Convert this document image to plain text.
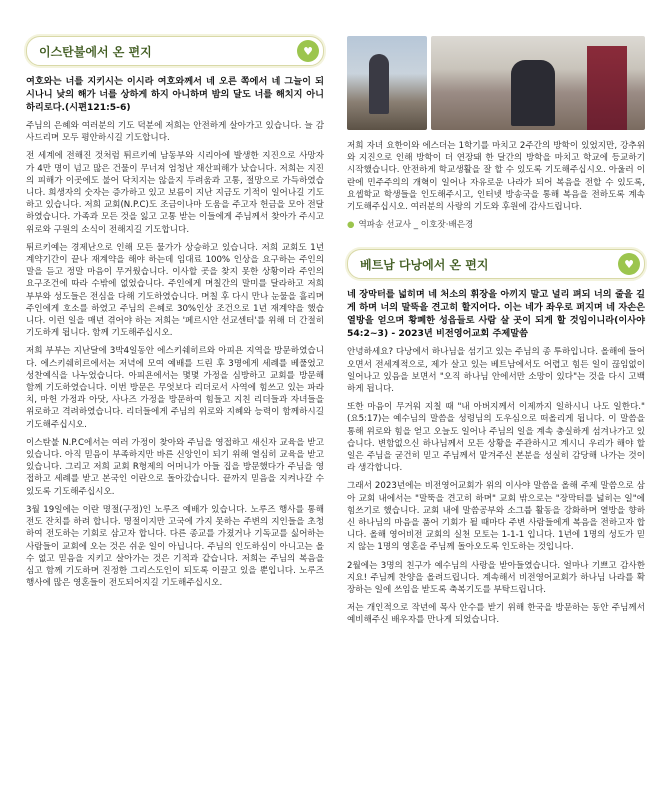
이스탄불에서 온 편지	♥

여호와는 너를 지키시는 이시라 여호와께서 네 오른 쪽에서 네 그늘이 되시나니 낮의 해가 너를 상하게 하지 아니하며 밤의 달도 너를 해치지 아니하리로다.(시편121:5-6)

주님의 은혜와 여러분의 기도 덕분에 저희는 안전하게 살아가고 있습니다. 늘 감사드리며 모두 평안하시길 기도합니다.

전 세계에 전해진 것처럼 튀르키예 남동부와 시리아에 발생한 지진으로 사망자가 4만 명이 넘고 많은 건물이 무너져 엄청난 재산피해가 났습니다. 저희는 지진의 피해가 이곳에도 불어 닥치지는 않을지 두려움과 고통, 절망으로 가득하였습니다. 희생자의 숫자는 증가하고 있고 보름이 지난 지금도 기적이 일어나길 기도하고 있습니다. 저희 교회(N.P.C)도 조금이나마 도움을 주고자 헌금을 모아 전달하였습니다. 가족과 모든 것을 잃고 고통 받는 이들에게 주님께서 찾아가 주시고 위로와 구원의 소식이 전해지길 기도합니다.

튀르키예는 경제난으로 인해 모든 물가가 상승하고 있습니다. 저희 교회도 1년 계약기간이 끝나 재계약을 해야 하는데 임대료 100% 인상을 요구하는 주인의 말을 듣고 정말 마음이 무거웠습니다. 이사할 곳을 찾지 못한 상황이라 주인의 요구조건에 따라 수밖에 없었습니다. 주인에게 며칠간의 말미를 달라하고 저희 부부와 성도들은 전심을 다해 기도하였습니다. 며칠 후 다시 만나 눈물을 흘리며 주인에게 호소를 하였고 주님의 은혜로 30%인상 조건으로 1년 재계약을 했습니다. 이런 일을 매년 겪어야 하는 저희는 '페르시안 선교센터'를 위해 더 간절히 기도하게 됩니다. 함께 기도해주십시오.

저희 부부는 지난달에 3박4일동안 에스키쉐히르와 아피욘 지역을 방문하였습니다. 에스키쉐히르에서는 저녁에 모여 예배를 드린 후 3명에게 세례를 베풀었고 성찬예식을 나누었습니다. 아피욘에서는 몇몇 가정을 심방하고 교회를 방문해 함께 기도하였습니다. 이번 방문은 무엇보다 리더로서 사역에 힘쓰고 있는 파라치, 마헌 가정과 아닷, 사나즈 가정을 방문하여 힘들고 지친 리더들과 자녀들을 위로하고 격려하였습니다. 리더들에게 주님의 위로와 지혜와 능력이 함께하시길 기도해주십시오.

이스탄불 N.P.C에서는 여러 가정이 찾아와 주님을 영접하고 새신자 교육을 받고 있습니다. 아직 믿음이 부족하지만 바른 신앙인이 되기 위해 열심히 교육을 받고 있습니다. 그리고 저희 교회 R형제의 어머니가 아들 집을 방문했다가 주님을 영접하고 세례를 받고 본국인 이란으로 돌아갔습니다. 끝까지 믿음을 지켜나갈 수 있도록 기도해주십시오.

3월 19일에는 이란 명절(구정)인 노루즈 예배가 있습니다. 노루즈 행사를 통해 전도 잔치를 하려 합니다. 명절이지만 고국에 가지 못하는 주변의 지인들을 초청하여 전도하는 기회로 삼고자 합니다. 다른 종교를 가졌거나 기독교를 싫어하는 사람들이 교회에 오는 것은 쉬운 일이 아닙니다. 주님의 인도하심이 아니고는 올 수 없고 믿음을 지키고 살아가는 것은 기적과 같습니다. 저희는 주님의 복음을 심고 함께 기도하며 진정한 그리스도인이 되도록 이끌고 있을 뿐입니다. 노루즈 행사에 많은 영혼들이 전도되어지길 기도해주십시오.

저희 자녀 요한이와 에스더는 1학기를 마치고 2주간의 방학이 있었지만, 강추위와 지진으로 인해 방학이 더 연장돼 한 달간의 방학을 마치고 학교에 등교하기 시작했습니다. 안전하게 학교생활을 잘 할 수 있도록 기도해주십시오. 아울러 이란에 민주주의의 개혁이 일어나 자유로운 나라가 되어 복음을 전할 수 있도록, 요셉학교 학생들을 인도해주시고, 인터넷 방송국을 통해 복음을 전하도록 계속 기도해주십시오. 여러분의 사랑의 기도와 후원에 감사드립니다.

● 역파송 선교사 _ 이호잣·배은경

베트남 다낭에서 온 편지	♥

네 장막터를 넓히며 네 처소의 휘장을 아끼지 말고 널리 펴되 너의 줄을 길게 하며 너의 말뚝을 견고히 할지어다. 이는 네가 좌우로 퍼지며 네 자손은 열방을 얻으며 황폐한 성읍들로 사람 살 곳이 되게 할 것임이니라(이사야 54:2~3) - 2023년 비전영어교회 주제말씀

안녕하세요? 다낭에서 하나님을 섬기고 있는 주님의 종 투하입니다. 올해에 들어오면서 전세계적으로, 제가 살고 있는 베트남에서도 어렵고 힘든 일이 끊임없이 일어나고 있음을 보면서 "오직 하나님 안에서만 소망이 있다"는 것을 다시 고백하게 됩니다.

또한 마음이 무거워 지칠 때 "내 아버지께서 이제까지 일하시니 나도 일한다."(요5:17)는 예수님의 말씀을 성령님의 도우심으로 떠올리게 됩니다. 이 말씀을 통해 위로와 힘을 얻고 오늘도 일어나 주님의 일을 계속 충실하게 섬겨나가고 있습니다. 변함없으신 하나님께서 모든 상황을 주관하시고 계시니 우리가 해야 할 일은 주님을 굳건히 믿고 주님께서 맡겨주신 본분을 성실히 감당해 나가는 것이라 생각합니다.

그래서 2023년에는 비전영어교회가 위의 이사야 말씀을 올해 주제 말씀으로 삼아 교회 내에서는 "말뚝을 견고히 하며" 교회 밖으로는 "장막터를 넓히는 일"에 힘쓰기로 했습니다. 교회 내에 말씀공부와 소그룹 활동을 강화하며 열방을 향하신 하나님의 마음을 품어 기회가 될 때마다 주변 사람들에게 복음을 전하고자 합니다. 올해 영어비전 교회의 실천 모토는 1-1-1 입니다. 1년에 1명의 성도가 믿지 않는 1명의 영혼을 주님께 돌아오도록 인도하는 것입니다.

2월에는 3명의 친구가 예수님의 사랑을 받아들였습니다. 얼마나 기쁘고 감사한지요! 주님께 찬양을 올려드립니다. 계속해서 비전영어교회가 하나님 나라를 확장하는 일에 쓰임을 받도록 축복기도를 부탁드립니다.

저는 개인적으로 작년에 목사 안수를 받기 위해 한국을 방문하는 동안 주님께서 예비해주신 배우자를 만나게 되었습니다.
